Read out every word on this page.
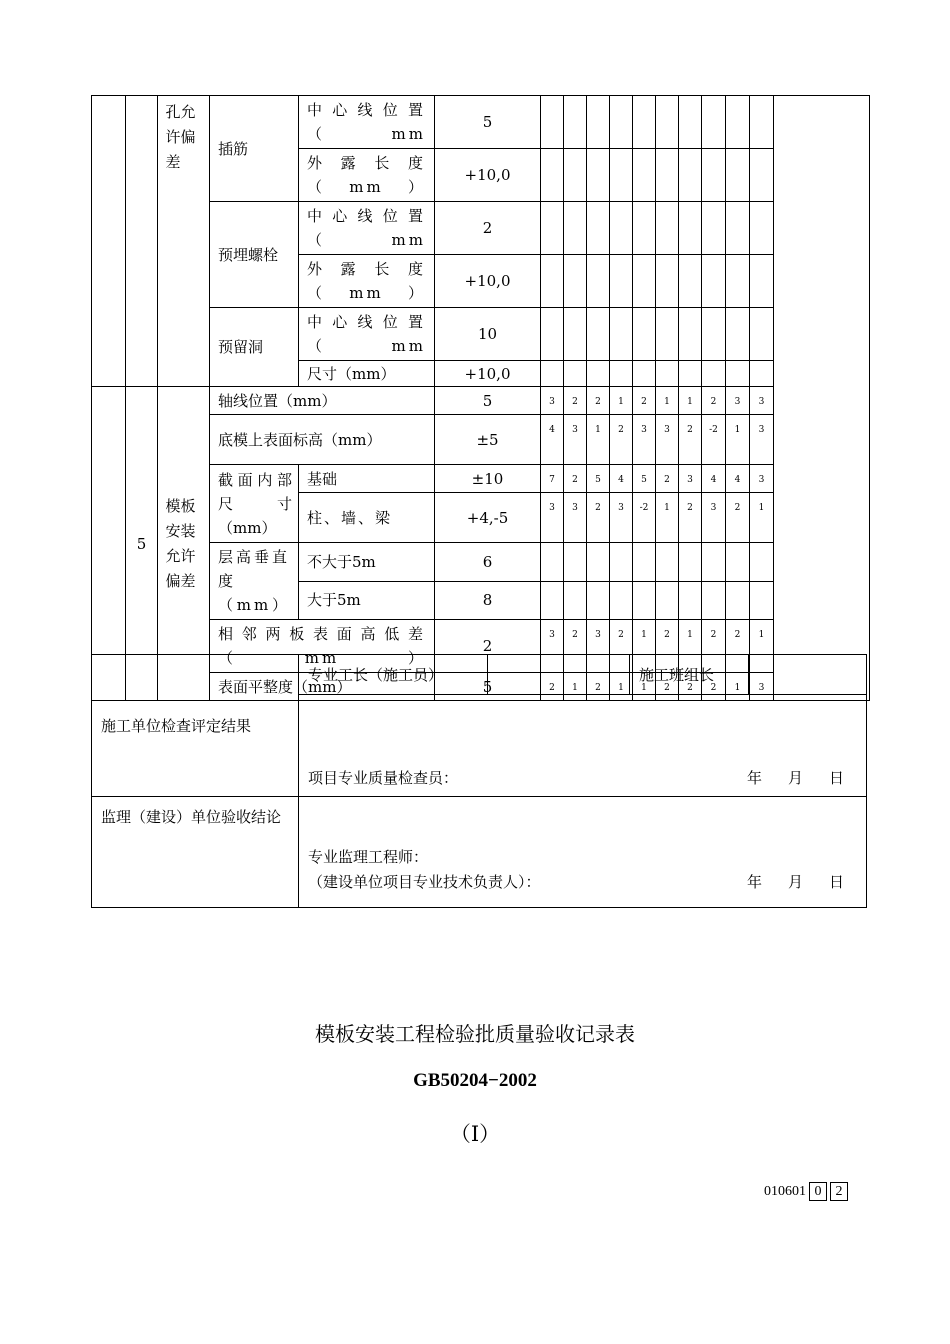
		孔允许偏差	插筋	中心线位置（mm	5											
				外露长度（mm）	+10,0											
			预埋螺栓	中心线位置（mm	2											
				外露长度（mm）	+10,0											
			预留洞	中心线位置（mm	10											
				尺寸（mm）	+10,0											
	5	模板安装允许偏差	轴线位置（mm）		5	3	2	2	1	2	1	1	2	3	3	
			底模上表面标高（mm）		±5	4	3	1	2	3	3	2	-2	1	3	
			截面内部尺寸（mm）	基础	±10	7	2	5	4	5	2	3	4	4	3	
				柱、墙、梁	+4,-5	3	3	2	3	-2	1	2	3	2	1	
			层高垂直度（mm）	不大于5m	6											
				大于5m	8											
			相邻两板表面高低差（mm）		2	3	2	3	2	1	2	1	2	2	1	
			表面平整度（mm）		5	2	1	2	1	1	2	2	2	1	3	
施工单位检查评定结果	专业工长（施工员）		施工班组长	

	项目专业质量检查员： 年 月 日			

监理（建设）单位验收结论	专业监理工程师：
（建设单位项目专业技术负责人）： 年 月 日			
模板安装工程检验批质量验收记录表
GB50204−2002
（Ⅰ）
010601 0	2
